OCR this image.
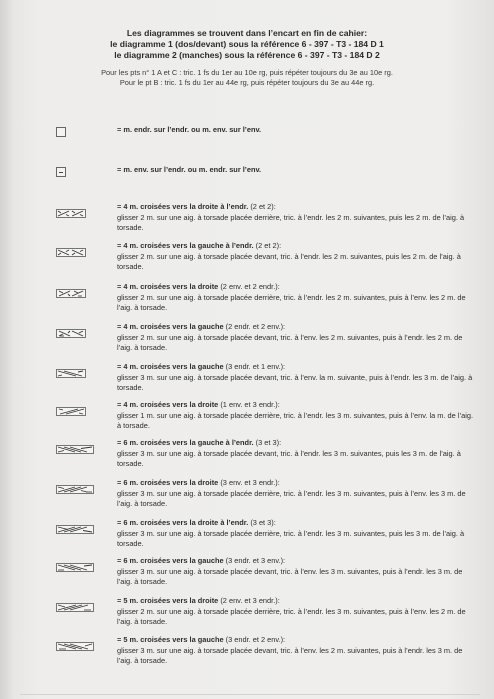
Les diagrammes se trouvent dans l’encart en fin de cahier:
le diagramme 1 (dos/devant) sous la référence 6 - 397 - T3 - 184 D 1
le diagramme 2 (manches) sous la référence 6 - 397 - T3 - 184 D 2
Pour les pts n° 1 A et C : tric. 1 fs du 1er au 10e rg, puis répéter toujours du 3e au 10e rg.
Pour le pt B : tric. 1 fs du 1er au 44e rg, puis répéter toujours du 3e au 44e rg.
= m. endr. sur l’endr. ou m. env. sur l’env.
= m. env. sur l’endr. ou m. endr. sur l’env.
= 4 m. croisées vers la droite à l’endr. (2 et 2):
glisser 2 m. sur une aig. à torsade placée derrière, tric. à l’endr. les 2 m. suivantes, puis les 2 m. de l’aig. à torsade.
= 4 m. croisées vers la gauche à l’endr. (2 et 2):
glisser 2 m. sur une aig. à torsade placée devant, tric. à l’endr. les 2 m. suivantes, puis les 2 m. de l’aig. à torsade.
= 4 m. croisées vers la droite (2 env. et 2 endr.):
glisser 2 m. sur une aig. à torsade placée derrière, tric. à l’endr. les 2 m. suivantes, puis à l’env. les 2 m. de l’aig. à torsade.
= 4 m. croisées vers la gauche (2 endr. et 2 env.):
glisser 2 m. sur une aig. à torsade placée devant, tric. à l’env. les 2 m. suivantes, puis à l’endr. les 2 m. de l’aig. à torsade.
= 4 m. croisées vers la gauche (3 endr. et 1 env.):
glisser 3 m. sur une aig. à torsade placée devant, tric. à l’env. la m. suivante, puis à l’endr. les 3 m. de l’aig. à torsade.
= 4 m. croisées vers la droite (1 env. et 3 endr.):
glisser 1 m. sur une aig. à torsade placée derrière, tric. à l’endr. les 3 m. suivantes, puis à l’env. la m. de l’aig. à torsade.
= 6 m. croisées vers la gauche à l’endr. (3 et 3):
glisser 3 m. sur une aig. à torsade placée devant, tric. à l’endr. les 3 m. suivantes, puis les 3 m. de l’aig. à torsade.
= 6 m. croisées vers la droite (3 env. et 3 endr.):
glisser 3 m. sur une aig. à torsade placée derrière, tric. à l’endr. les 3 m. suivantes, puis à l’env. les 3 m. de l’aig. à torsade.
= 6 m. croisées vers la droite à l’endr. (3 et 3):
glisser 3 m. sur une aig. à torsade placée derrière, tric. à l’endr. les 3 m. suivantes, puis les 3 m. de l’aig. à torsade.
= 6 m. croisées vers la gauche (3 endr. et 3 env.):
glisser 3 m. sur une aig. à torsade placée devant, tric. à l’env. les 3 m. suivantes, puis à l’endr. les 3 m. de l’aig. à torsade.
= 5 m. croisées vers la droite (2 env. et 3 endr.):
glisser 2 m. sur une aig. à torsade placée derrière, tric. à l’endr. les 3 m. suivantes, puis à l’env. les 2 m. de l’aig. à torsade.
= 5 m. croisées vers la gauche (3 endr. et 2 env.):
glisser 3 m. sur une aig. à torsade placée devant, tric. à l’env. les 2 m. suivantes, puis à l’endr. les 3 m. de l’aig. à torsade.
